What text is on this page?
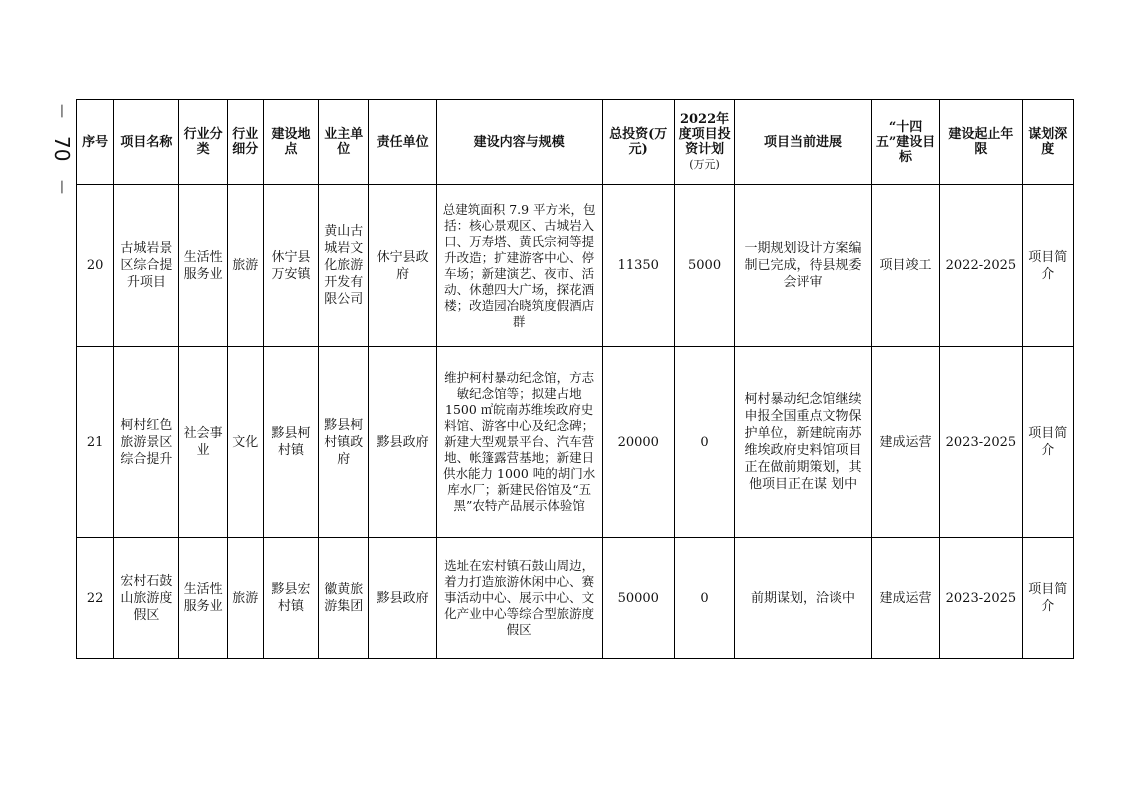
—
70
—
序号	项目名称	行业分类	行业细分	建设地点	业主单位	责任单位	建设内容与规模	总投资(万元)	2022年度项目投资计划
(万元)	项目当前进展	“十四五”建设目标	建设起止年限	谋划深度
20	古城岩景区综合提升项目	生活性服务业	旅游	休宁县万安镇	黄山古城岩文化旅游开发有限公司	休宁县政府	总建筑面积 7.9 平方米，包括：核心景观区、古城岩入口、万寿塔、黄氏宗祠等提升改造；扩建游客中心、停车场；新建演艺、夜市、活动、休憩四大广场，探花酒楼；改造园冶晓筑度假酒店群	11350	5000	一期规划设计方案编制已完成，待县规委会评审	项目竣工	2022-2025	项目简介
21	柯村红色旅游景区综合提升	社会事业	文化	黟县柯村镇	黟县柯村镇政府	黟县政府	维护柯村暴动纪念馆，方志敏纪念馆等；拟建占地 1500 ㎡皖南苏维埃政府史料馆、游客中心及纪念碑；新建大型观景平台、汽车营地、帐篷露营基地；新建日供水能力 1000 吨的胡门水库水厂；新建民俗馆及“五黑”农特产品展示体验馆	20000	0	柯村暴动纪念馆继续申报全国重点文物保护单位，新建皖南苏维埃政府史料馆项目正在做前期策划，其他项目正在谋 划中	建成运营	2023-2025	项目简介
22	宏村石鼓山旅游度假区	生活性服务业	旅游	黟县宏村镇	徽黄旅游集团	黟县政府	选址在宏村镇石鼓山周边，着力打造旅游休闲中心、赛事活动中心、展示中心、文化产业中心等综合型旅游度假区	50000	0	前期谋划，洽谈中	建成运营	2023-2025	项目简介
